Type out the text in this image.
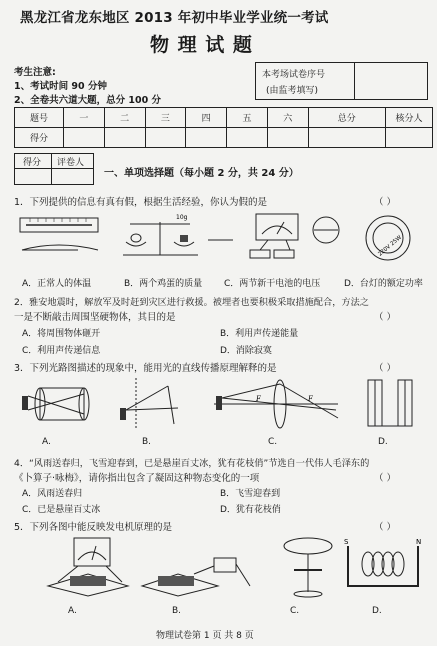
黑龙江省龙东地区 2013 年初中毕业学业统一考试
物 理 试 题
考生注意:
1、考试时间 90 分钟
2、全卷共六道大题，总分 100 分
本考场试卷序号
(由监考填写)
题号	一	二	三	四	五	六	总分	核分人
得分								
得分 评卷人
一、单项选择题（每小题 2 分，共 24 分）
1．下列提供的信息有真有假，根据生活经验，你认为假的是	（ ）
10g
220V 25W
A．正常人的体温	B．两个鸡蛋的质量 C．两节新干电池的电压	D．台灯的额定功率
2．雅安地震时，解放军及时赶到灾区进行救援。被埋者也要积极采取措施配合，方法之
一是不断敲击周围坚硬物体，其目的是	（ ）
A．将周围物体砸开	B．利用声传递能量
C．利用声传递信息	D．消除寂寞
3．下列光路图描述的现象中，能用光的直线传播原理解释的是	（ ）
F	F
A.	B.	C.	D.
4．“风雨送春归，飞雪迎春到，已是悬崖百丈冰，犹有花枝俏”节选自一代伟人毛泽东的
《卜算子·咏梅》，请你指出包含了凝固这种物态变化的一项	（ ）
A．风雨送春归	B．飞雪迎春到
C．已是悬崖百丈冰	D．犹有花枝俏
5．下列各图中能反映发电机原理的是	（ ）
S	N
A.	B.	C.	D.
物理试卷第 1 页 共 8 页
